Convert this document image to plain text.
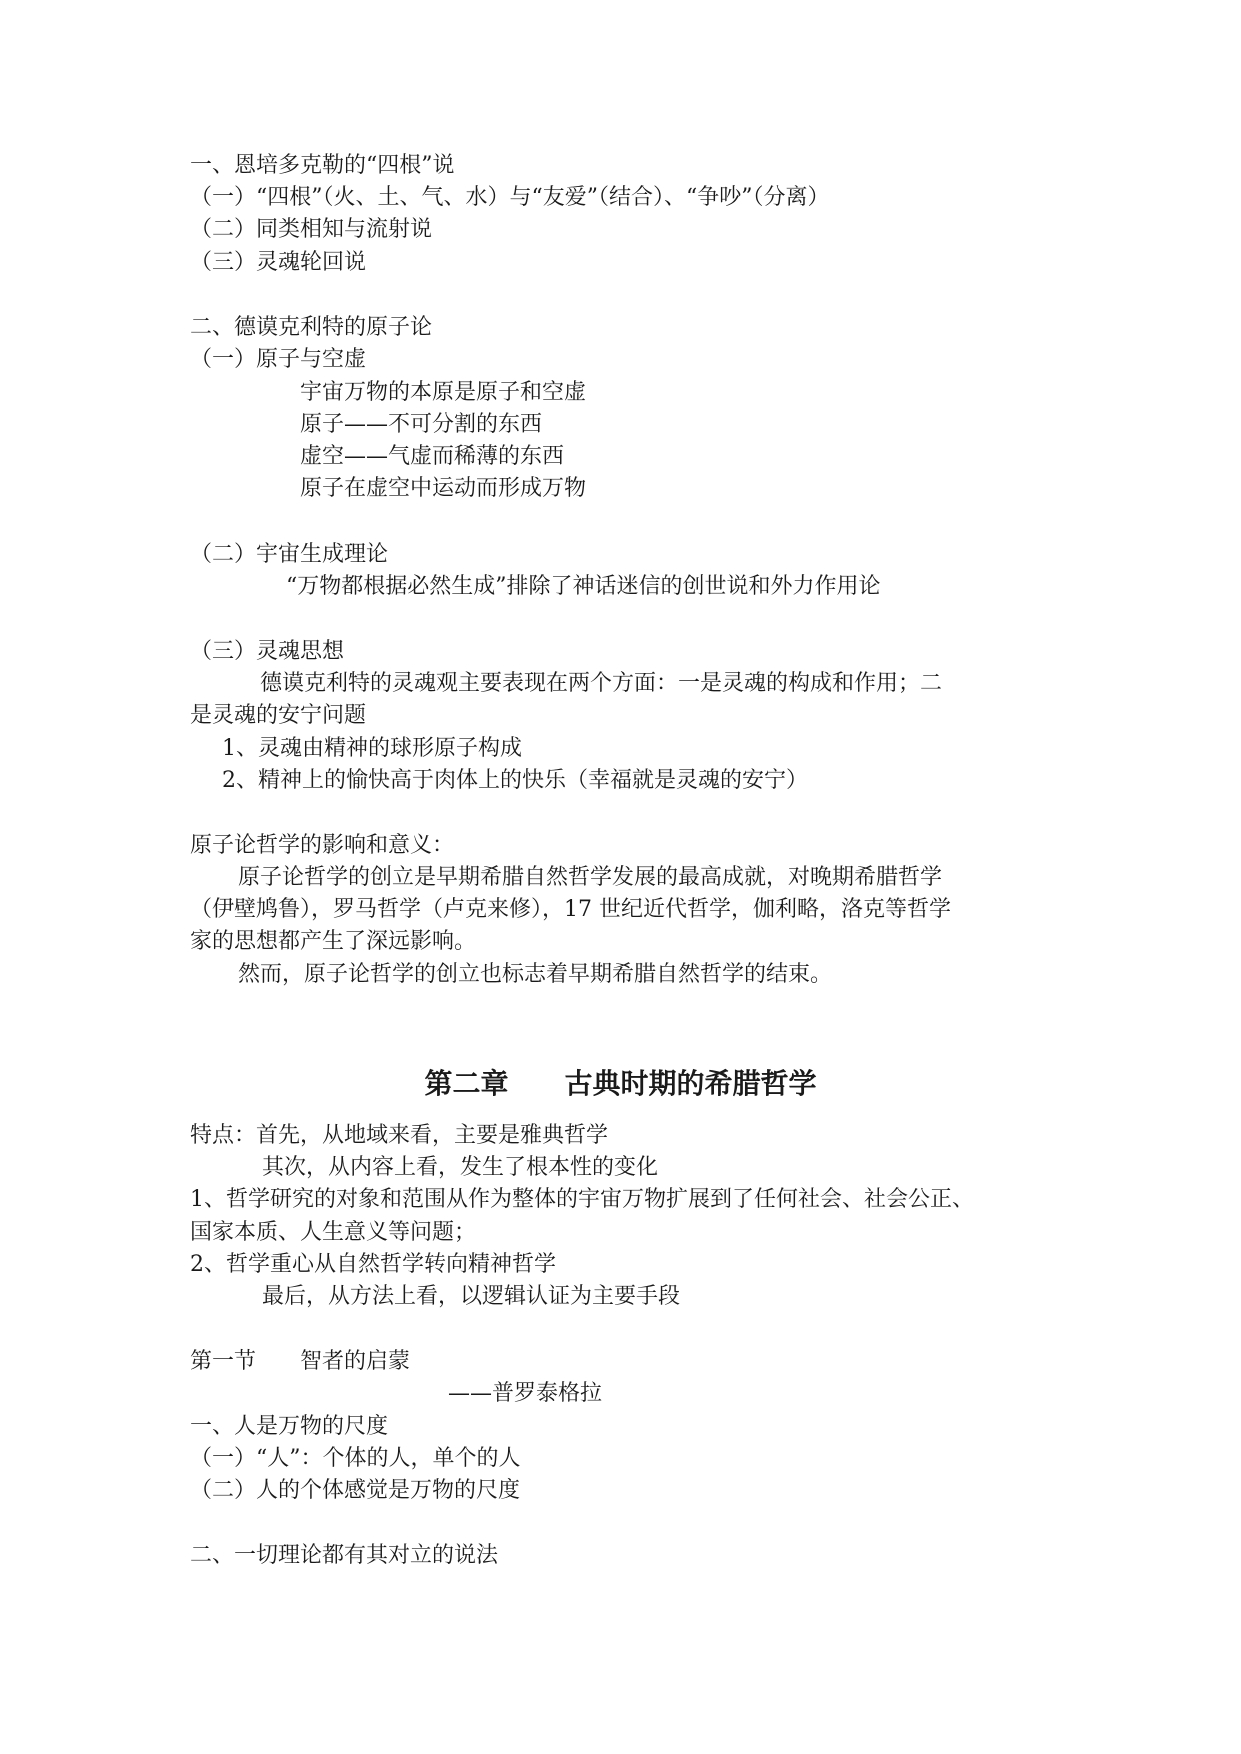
一、恩培多克勒的“四根”说
（一）“四根”（火、土、气、水）与“友爱”（结合）、“争吵”（分离）
（二）同类相知与流射说
（三）灵魂轮回说
二、德谟克利特的原子论
（一）原子与空虚
宇宙万物的本原是原子和空虚
原子——不可分割的东西
虚空——气虚而稀薄的东西
原子在虚空中运动而形成万物
（二）宇宙生成理论
“万物都根据必然生成”排除了神话迷信的创世说和外力作用论
（三）灵魂思想
德谟克利特的灵魂观主要表现在两个方面：一是灵魂的构成和作用；二
是灵魂的安宁问题
1、灵魂由精神的球形原子构成
2、精神上的愉快高于肉体上的快乐（幸福就是灵魂的安宁）
原子论哲学的影响和意义：
原子论哲学的创立是早期希腊自然哲学发展的最高成就，对晚期希腊哲学
（伊壁鸠鲁），罗马哲学（卢克来修），17 世纪近代哲学，伽利略，洛克等哲学
家的思想都产生了深远影响。
然而，原子论哲学的创立也标志着早期希腊自然哲学的结束。
第二章　　古典时期的希腊哲学
特点：首先，从地域来看，主要是雅典哲学
其次，从内容上看，发生了根本性的变化
1、哲学研究的对象和范围从作为整体的宇宙万物扩展到了任何社会、社会公正、
国家本质、人生意义等问题；
2、哲学重心从自然哲学转向精神哲学
最后，从方法上看，以逻辑认证为主要手段
第一节　　智者的启蒙
——普罗泰格拉
一、人是万物的尺度
（一）“人”：个体的人，单个的人
（二）人的个体感觉是万物的尺度
二、一切理论都有其对立的说法
